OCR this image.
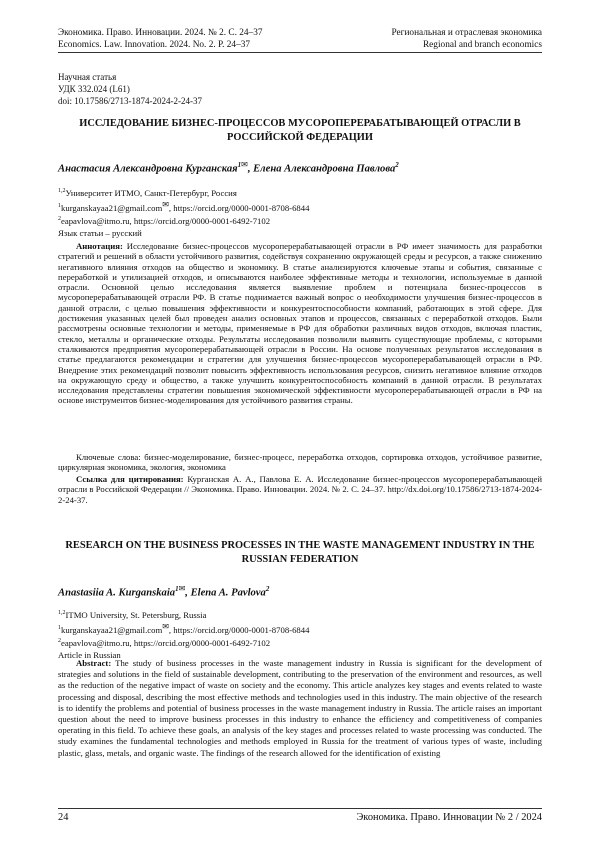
Экономика. Право. Инновации. 2024. № 2. С. 24–37	Региональная и отраслевая экономика
Economics. Law. Innovation. 2024. No. 2. P. 24–37	Regional and branch economics
Научная статья
УДК 332.024 (L61)
doi: 10.17586/2713-1874-2024-2-24-37
ИССЛЕДОВАНИЕ БИЗНЕС-ПРОЦЕССОВ МУСОРОПЕРЕРАБАТЫВАЮЩЕЙ ОТРАСЛИ В РОССИЙСКОЙ ФЕДЕРАЦИИ
Анастасия Александровна Курганская$^{1✉}$, Елена Александровна Павлова$^2$
$^{1,2}$Университет ИТМО, Санкт-Петербург, Россия
$^1$kurganskayaa21@gmail.com✉, https://orcid.org/0000-0001-8708-6844
$^2$eapavlova@itmo.ru, https://orcid.org/0000-0001-6492-7102
Язык статьи – русский
Аннотация: Исследование бизнес-процессов мусороперерабатывающей отрасли в РФ имеет значимость для разработки стратегий и решений в области устойчивого развития, содействуя сохранению окружающей среды и ресурсов, а также снижению негативного влияния отходов на общество и экономику. В статье анализируются ключевые этапы и события, связанные с переработкой и утилизацией отходов, и описываются наиболее эффективные методы и технологии, используемые в данной отрасли. Основной целью исследования является выявление проблем и потенциала бизнес-процессов в мусороперерабатывающей отрасли РФ. В статье поднимается важный вопрос о необходимости улучшения бизнес-процессов в данной отрасли, с целью повышения эффективности и конкурентоспособности компаний, работающих в этой сфере. Для достижения указанных целей был проведен анализ основных этапов и процессов, связанных с переработкой отходов. Были рассмотрены основные технологии и методы, применяемые в РФ для обработки различных видов отходов, включая пластик, стекло, металлы и органические отходы. Результаты исследования позволили выявить существующие проблемы, с которыми сталкиваются предприятия мусороперерабатывающей отрасли в России. На основе полученных результатов исследования в статье предлагаются рекомендации и стратегии для улучшения бизнес-процессов мусороперерабатывающей отрасли в РФ. Внедрение этих рекомендаций позволит повысить эффективность использования ресурсов, снизить негативное влияние отходов на окружающую среду и общество, а также улучшить конкурентоспособность компаний в данной отрасли. В результатах исследования представлены стратегии повышения экономической эффективности мусороперерабатывающей отрасли в РФ на основе инструментов бизнес-моделирования для устойчивого развития страны.
Ключевые слова: бизнес-моделирование, бизнес-процесс, переработка отходов, сортировка отходов, устойчивое развитие, циркулярная экономика, экология, экономика
Ссылка для цитирования: Курганская А. А., Павлова Е. А. Исследование бизнес-процессов мусороперерабатывающей отрасли в Российской Федерации // Экономика. Право. Инновации. 2024. № 2. С. 24–37. http://dx.doi.org/10.17586/2713-1874-2024-2-24-37.
RESEARCH ON THE BUSINESS PROCESSES IN THE WASTE MANAGEMENT INDUSTRY IN THE RUSSIAN FEDERATION
Anastasiia A. Kurganskaia$^{1✉}$, Elena A. Pavlova$^2$
$^{1,2}$ITMO University, St. Petersburg, Russia
$^1$kurganskayaa21@gmail.com✉, https://orcid.org/0000-0001-8708-6844
$^2$eapavlova@itmo.ru, https://orcid.org/0000-0001-6492-7102
Article in Russian
Abstract: The study of business processes in the waste management industry in Russia is significant for the development of strategies and solutions in the field of sustainable development, contributing to the preservation of the environment and resources, as well as the reduction of the negative impact of waste on society and the economy. This article analyzes key stages and events related to waste processing and disposal, describing the most effective methods and technologies used in this industry. The main objective of the research is to identify the problems and potential of business processes in the waste management industry in Russia. The article raises an important question about the need to improve business processes in this industry to enhance the efficiency and competitiveness of companies operating in this field. To achieve these goals, an analysis of the key stages and processes related to waste processing was conducted. The study examines the fundamental technologies and methods employed in Russia for the treatment of various types of waste, including plastic, glass, metals, and organic waste. The findings of the research allowed for the identification of existing
24	Экономика. Право. Инновации № 2 / 2024
